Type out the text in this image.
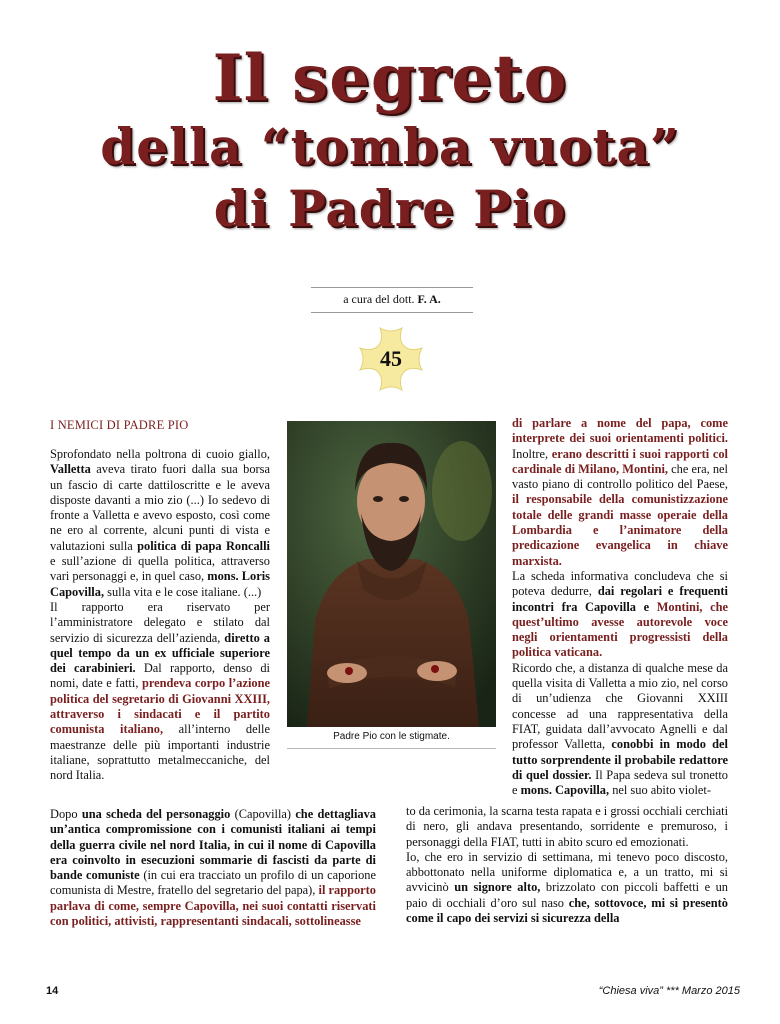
Il segreto
della “tomba vuota”
di Padre Pio
a cura del dott. F. A.
45
I NEMICI DI PADRE PIO
Sprofondato nella poltrona di cuoio giallo, Valletta aveva tirato fuori dalla sua borsa un fascio di carte dattiloscritte e le aveva disposte davanti a mio zio (...) Io sedevo di fronte a Valletta e avevo esposto, così come ne ero al corrente, alcuni punti di vista e valutazioni sulla politica di papa Roncalli e sull’azione di quella politica, attraverso vari personaggi e, in quel caso, mons. Loris Capovilla, sulla vita e le cose italiane. (...)
Il rapporto era riservato per l’amministratore delegato e stilato dal servizio di sicurezza dell’azienda, diretto a quel tempo da un ex ufficiale superiore dei carabinieri. Dal rapporto, denso di nomi, date e fatti, prendeva corpo l’azione politica del segretario di Giovanni XXIII, attraverso i sindacati e il partito comunista italiano, all’interno delle maestranze delle più importanti industrie italiane, soprattutto metalmeccaniche, del nord Italia.
Padre Pio con le stigmate.
Dopo una scheda del personaggio (Capovilla) che dettagliava un’antica compromissione con i comunisti italiani ai tempi della guerra civile nel nord Italia, in cui il nome di Capovilla era coinvolto in esecuzioni sommarie di fascisti da parte di bande comuniste (in cui era tracciato un profilo di un caporione comunista di Mestre, fratello del segretario del papa), il rapporto parlava di come, sempre Capovilla, nei suoi contatti riservati con politici, attivisti, rappresentanti sindacali, sottolineasse
di parlare a nome del papa, come interprete dei suoi orientamenti politici. Inoltre, erano descritti i suoi rapporti col cardinale di Milano, Montini, che era, nel vasto piano di controllo politico del Paese, il responsabile della comunistizzazione totale delle grandi masse operaie della Lombardia e l’animatore della predicazione evangelica in chiave marxista.
La scheda informativa concludeva che si poteva dedurre, dai regolari e frequenti incontri fra Capovilla e Montini, che quest’ultimo avesse autorevole voce negli orientamenti progressisti della politica vaticana.
Ricordo che, a distanza di qualche mese da quella visita di Valletta a mio zio, nel corso di un’udienza che Giovanni XXIII concesse ad una rappresentativa della FIAT, guidata dall’avvocato Agnelli e dal professor Valletta, conobbi in modo del tutto sorprendente il probabile redattore di quel dossier. Il Papa sedeva sul tronetto e mons. Capovilla, nel suo abito violet-
to da cerimonia, la scarna testa rapata e i grossi occhiali cerchiati di nero, gli andava presentando, sorridente e premuroso, i personaggi della FIAT, tutti in abito scuro ed emozionati.
Io, che ero in servizio di settimana, mi tenevo poco discosto, abbottonato nella uniforme diplomatica e, a un tratto, mi si avvicinò un signore alto, brizzolato con piccoli baffetti e un paio di occhiali d’oro sul naso che, sottovoce, mi si presentò come il capo dei servizi si sicurezza della
14	“Chiesa viva” *** Marzo 2015
